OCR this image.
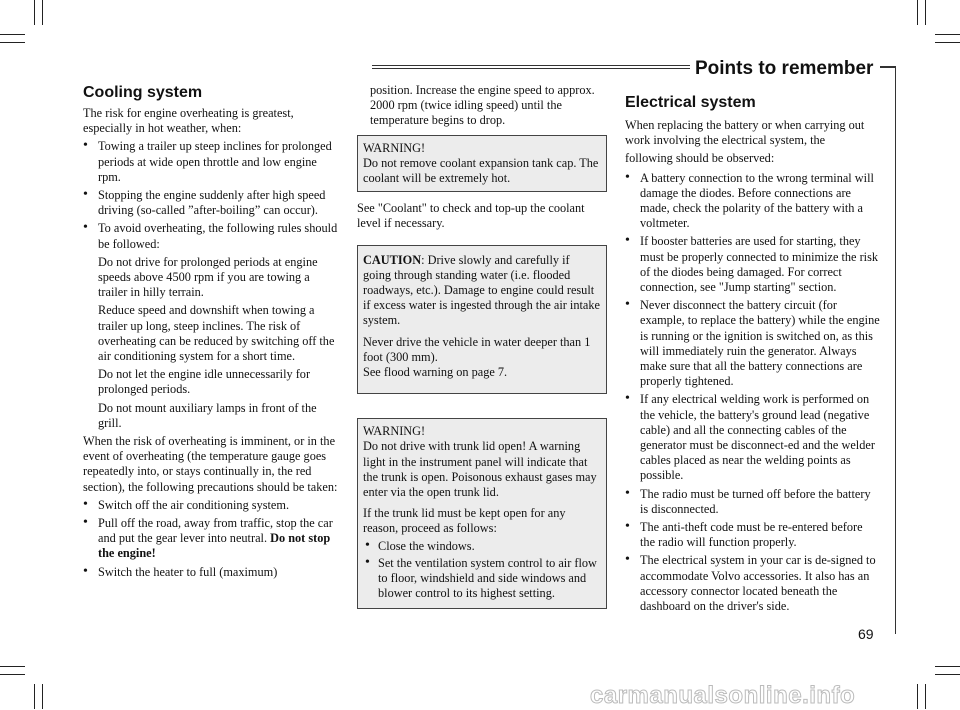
Points to remember
Cooling system

The risk for engine overheating is greatest, especially in hot weather, when:

• Towing a trailer up steep inclines for prolonged periods at wide open throttle and low engine rpm.
• Stopping the engine suddenly after high speed driving (so-called ”after-boiling” can occur).
• To avoid overheating, the following rules should be followed:

Do not drive for prolonged periods at engine speeds above 4500 rpm if you are towing a trailer in hilly terrain.

Reduce speed and downshift when towing a trailer up long, steep inclines. The risk of overheating can be reduced by switching off the air conditioning system for a short time.

Do not let the engine idle unnecessarily for prolonged periods.

Do not mount auxiliary lamps in front of the grill.

When the risk of overheating is imminent, or in the event of overheating (the temperature gauge goes repeatedly into, or stays continually in, the red section), the following precautions should be taken:

• Switch off the air conditioning system.
• Pull off the road, away from traffic, stop the car and put the gear lever into neutral. Do not stop the engine!
• Switch the heater to full (maximum)

position. Increase the engine speed to approx. 2000 rpm (twice idling speed) until the temperature begins to drop.

WARNING!
Do not remove coolant expansion tank cap. The coolant will be extremely hot.

See "Coolant" to check and top-up the coolant level if necessary.

CAUTION: Drive slowly and carefully if going through standing water (i.e. flooded roadways, etc.). Damage to engine could result if excess water is ingested through the air intake system.

Never drive the vehicle in water deeper than 1 foot (300 mm).

See flood warning on page 7.
WARNING!

Do not drive with trunk lid open! A warning light in the instrument panel will indicate that the trunk is open. Poisonous exhaust gases may enter via the open trunk lid.

If the trunk lid must be kept open for any reason, proceed as follows:

• Close the windows.
• Set the ventilation system control to air flow to floor, windshield and side windows and blower control to its highest setting.
Electrical system

When replacing the battery or when carrying out work involving the electrical system, the

following should be observed:

• A battery connection to the wrong terminal will damage the diodes. Before connections are made, check the polarity of the battery with a voltmeter.
• If booster batteries are used for starting, they must be properly connected to minimize the risk of the diodes being damaged. For correct connection, see "Jump starting" section.
• Never disconnect the battery circuit (for example, to replace the battery) while the engine is running or the ignition is switched on, as this will immediately ruin the generator. Always make sure that all the battery connections are properly tightened.
• If any electrical welding work is performed on the vehicle, the battery's ground lead (negative cable) and all the connecting cables of the generator must be disconnect-ed and the welder cables placed as near the welding points as possible.
• The radio must be turned off before the battery is disconnected.
• The anti-theft code must be re-entered before the radio will function properly.
• The electrical system in your car is de-signed to accommodate Volvo accessories. It also has an accessory connector located beneath the dashboard on the driver's side.
69
carmanualsonline.info
